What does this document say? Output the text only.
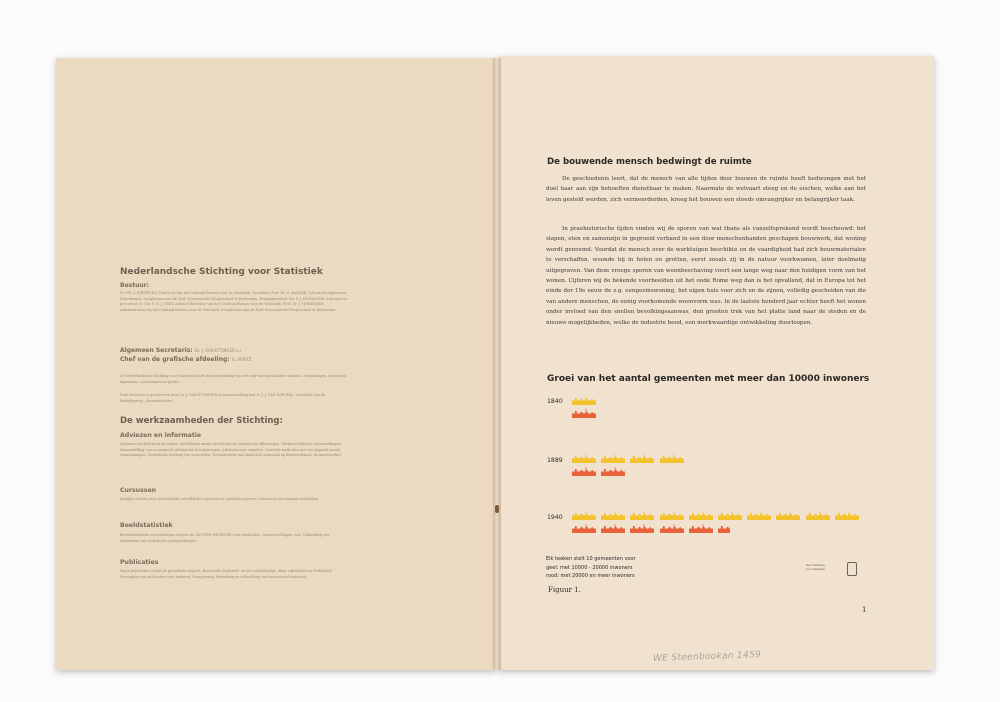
Nederlandsche Stichting voor Statistiek
Bestuur:
Dr. PH. J. IDENBURG, Directeur van het Centraal Bureau voor de Statistiek, Voorzitter. Prof. Dr. O. BAKKER, Lid van de Algemeene Rekenkamer, hoogleeraar aan de Ned. Economische Hoogeschool te Rotterdam, Penningmeester. Mr. P. J. DE KANTER, advocaat en procureur. Ir. Chr. F. G. J. SMIT, Adjunct-Directeur van het Centraal Bureau voor de Statistiek. Prof. Dr. J. TINBERGEN, Administrateur bij het Centraal Bureau voor de Statistiek, hoogleeraar aan de Ned. Economische Hoogeschool te Rotterdam.
Algemeen Secretaris: Dr. J. VAN ETTINGER a.i.
Chef van de grafische afdeeling: G. ARNTZ.
De Nederlandsche Stichting voor Statistiek heeft de medewerking van een staf van specialisten: statistici, wiskundigen, economen, ingenieurs, accountants en grafici.
Deze brochure is geschreven door Dr. J. VAN ETTINGER in samenwerking met Ir. J. J. VAN DER WAL, Voorzitter van de Bedrijfsgroep „Bouwindustrie".
De werkzaamheden der Stichting:
Adviezen en informatie
Adviezen aan bedrijven en andere instellingen inzake inrichting van statistische afdeelingen. Werkmethodische onderzoekingen. Samenstelling van economisch-statistische beschrijvingen. Adviezen voor enquêtes. Controle-methoden met een bepaald aantal waarnemingen. Statistische toetsing van voorstellen. Documentatie van statistisch materiaal op kaartsystemen. Bronnenstudies.
Cursussen
Jaarlijks worden drie verschillende schriftelijke cursussen in statistiek gegeven. Hieraan is een examen verbonden.
Beeldstatistiek
Beeldstatistische voorstellingen volgens de ISOTYPE-METHODE voor publicaties, tentoonstellingen, enz. Uitbeelding der uitkomsten van statistische onderzoekingen.
Publicaties
Eigen publicaties zooals de periodieke uitgave „Bouwende Statistiek" en het scheurboekje „Bont vijfenheid van Nederland". Verzorging van publicaties voor anderen. Groepeering, bewerking en uitbeelding van kwantitatief materiaal.
De bouwende mensch bedwingt de ruimte
De geschiedenis leert, dat de mensch van alle tijden door bouwen de ruimte heeft bedwongen met het doel haar aan zijn behoeften dienstbaar te maken. Naarmate de welvaart steeg en de eischen, welke aan het leven gesteld werden, zich vermeerderden, kreeg het bouwen een steeds omvangrijker en belangrijker taak.
In praehistorische tijden vinden wij de sporen van wat thans als vanzelfsprekend wordt beschouwd: het slapen, eten en samenzijn in gegroeid verband in een door menschenhanden geschapen bouwwerk, dat woning wordt genoemd. Voordat de mensch over de werktuigen beschikte en de vaardigheid had zich bouwmaterialen te verschaffen, woonde hij in holen en grotten, eerst zooals zij in de natuur voorkwamen, later doelmatig uitgegraven. Van deze vroege sporen van woonbeschaving voert een lange weg naar den huidigen vorm van het wonen. Cijferen wij de bekende voorbeelden uit het oude Rome weg dan is het opvallend, dat in Europa tot het einde der 19e eeuw de z.g. eengezinswoning, het eigen huis voor zich en de zijnen, volledig gescheiden van die van andere menschen, de eenig voorkomende woonvorm was. In de laatste honderd jaar echter heeft het wonen onder invloed van den snellen bevolkingsaanwas, den grooten trek van het platte land naar de steden en de nieuwe mogelijkheden, welke de industrie bood, een merkwaardige ontwikkeling doorloopen.
Groei van het aantal gemeenten met meer dan 10000 inwoners
1840
1889
1940
Elk teeken stelt 10 gemeenten voor
geel: met 10000 - 20000 inwoners
rood: met 20000 en meer inwoners
Figuur 1.
Ned. Stichting
voor Statistiek
1
WE Steenbookan 1459
